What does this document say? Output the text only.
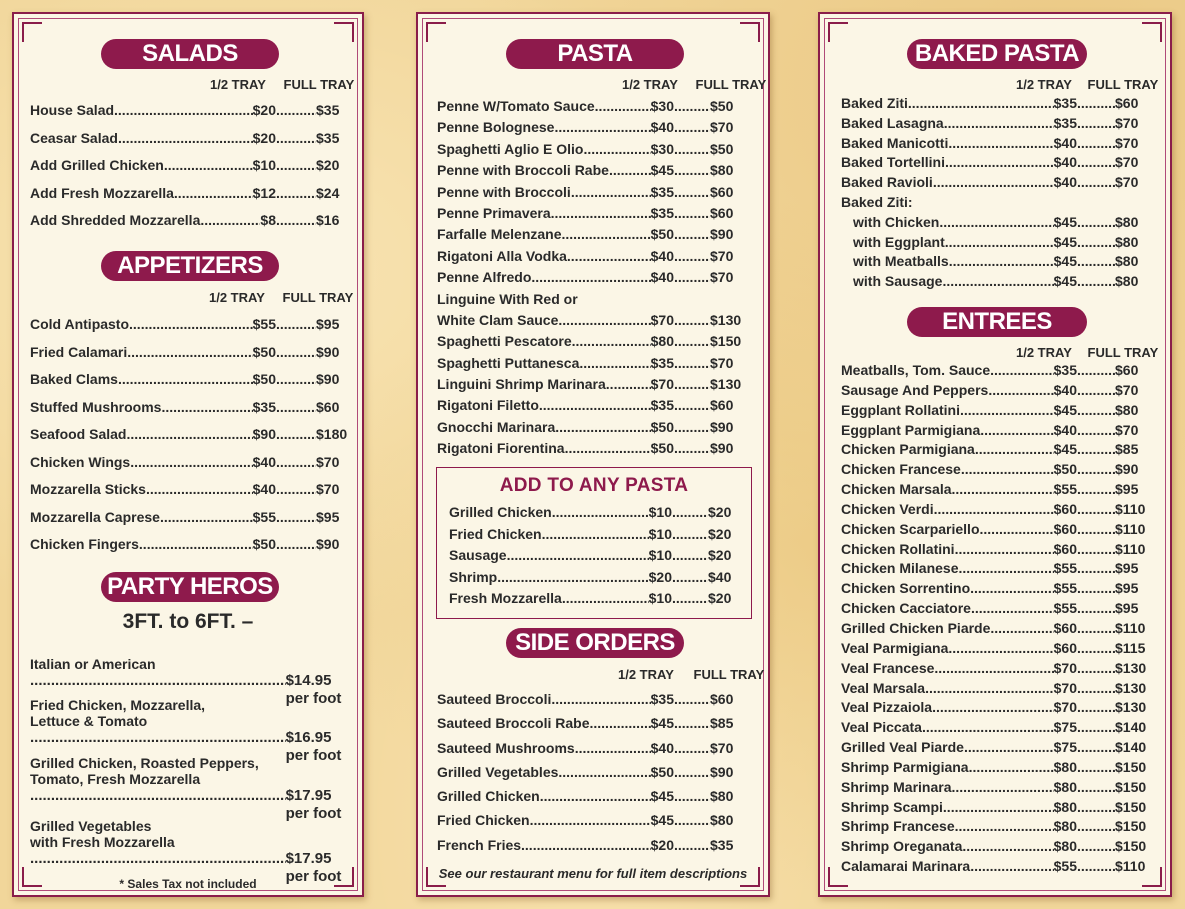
SALADS
1/2 TRAY FULL TRAY
House Salad .....	$20 .....	$35
Ceasar Salad .....	$20 .....	$35
Add Grilled Chicken .....	$10 .....	$20
Add Fresh Mozzarella .....	$12 .....	$24
Add Shredded Mozzarella .....	$8 .....	$16
APPETIZERS
1/2 TRAY FULL TRAY
Cold Antipasto .....	$55 .....	$95
Fried Calamari .....	$50 .....	$90
Baked Clams .....	$50 .....	$90
Stuffed Mushrooms .....	$35 .....	$60
Seafood Salad .....	$90 .....	$180
Chicken Wings .....	$40 .....	$70
Mozzarella Sticks .....	$40 .....	$70
Mozzarella Caprese .....	$55 .....	$95
Chicken Fingers .....	$50 .....	$90
PARTY HEROS
3FT. to 6FT. –
Italian or American
.....
$14.95 per foot
Fried Chicken, Mozzarella,
Lettuce & Tomato
.....
$16.95 per foot
Grilled Chicken, Roasted Peppers,
Tomato, Fresh Mozzarella
.....
$17.95 per foot
Grilled Vegetables
with Fresh Mozzarella
.....
$17.95 per foot
* Sales Tax not included
PASTA
1/2 TRAY FULL TRAY
Penne W/Tomato Sauce .....	$30 .....	$50
Penne Bolognese .....	$40 .....	$70
Spaghetti Aglio E Olio .....	$30 .....	$50
Penne with Broccoli Rabe .....	$45 .....	$80
Penne with Broccoli .....	$35 .....	$60
Penne Primavera .....	$35 .....	$60
Farfalle Melenzane .....	$50 .....	$90
Rigatoni Alla Vodka .....	$40 .....	$70
Penne Alfredo .....	$40 .....	$70
Linguine With Red or
White Clam Sauce .....	$70 .....	$130
Spaghetti Pescatore .....	$80 .....	$150
Spaghetti Puttanesca .....	$35 .....	$70
Linguini Shrimp Marinara .....	$70 .....	$130
Rigatoni Filetto .....	$35 .....	$60
Gnocchi Marinara .....	$50 .....	$90
Rigatoni Fiorentina .....	$50 .....	$90
ADD TO ANY PASTA
Grilled Chicken .....	$10 .....	$20
Fried Chicken .....	$10 .....	$20
Sausage .....	$10 .....	$20
Shrimp .....	$20 .....	$40
Fresh Mozzarella .....	$10 .....	$20
SIDE ORDERS
1/2 TRAY FULL TRAY
Sauteed Broccoli .....	$35 .....	$60
Sauteed Broccoli Rabe .....	$45 .....	$85
Sauteed Mushrooms .....	$40 .....	$70
Grilled Vegetables .....	$50 .....	$90
Grilled Chicken .....	$45 .....	$80
Fried Chicken .....	$45 .....	$80
French Fries .....	$20 .....	$35
See our restaurant menu for full item descriptions
BAKED PASTA
1/2 TRAY FULL TRAY
Baked Ziti .....	$35 .....	$60
Baked Lasagna .....	$35 .....	$70
Baked Manicotti .....	$40 .....	$70
Baked Tortellini .....	$40 .....	$70
Baked Ravioli .....	$40 .....	$70
Baked Ziti:
with Chicken .....	$45 .....	$80
with Eggplant .....	$45 .....	$80
with Meatballs .....	$45 .....	$80
with Sausage .....	$45 .....	$80
ENTREES
1/2 TRAY FULL TRAY
Meatballs, Tom. Sauce .....	$35 .....	$60
Sausage And Peppers .....	$40 .....	$70
Eggplant Rollatini .....	$45 .....	$80
Eggplant Parmigiana .....	$40 .....	$70
Chicken Parmigiana .....	$45 .....	$85
Chicken Francese .....	$50 .....	$90
Chicken Marsala .....	$55 .....	$95
Chicken Verdi .....	$60 .....	$110
Chicken Scarpariello .....	$60 .....	$110
Chicken Rollatini .....	$60 .....	$110
Chicken Milanese .....	$55 .....	$95
Chicken Sorrentino .....	$55 .....	$95
Chicken Cacciatore .....	$55 .....	$95
Grilled Chicken Piarde .....	$60 .....	$110
Veal Parmigiana .....	$60 .....	$115
Veal Francese .....	$70 .....	$130
Veal Marsala .....	$70 .....	$130
Veal Pizzaiola .....	$70 .....	$130
Veal Piccata .....	$75 .....	$140
Grilled Veal Piarde .....	$75 .....	$140
Shrimp Parmigiana .....	$80 .....	$150
Shrimp Marinara .....	$80 .....	$150
Shrimp Scampi .....	$80 .....	$150
Shrimp Francese .....	$80 .....	$150
Shrimp Oreganata .....	$80 .....	$150
Calamarai Marinara .....	$55 .....	$110
